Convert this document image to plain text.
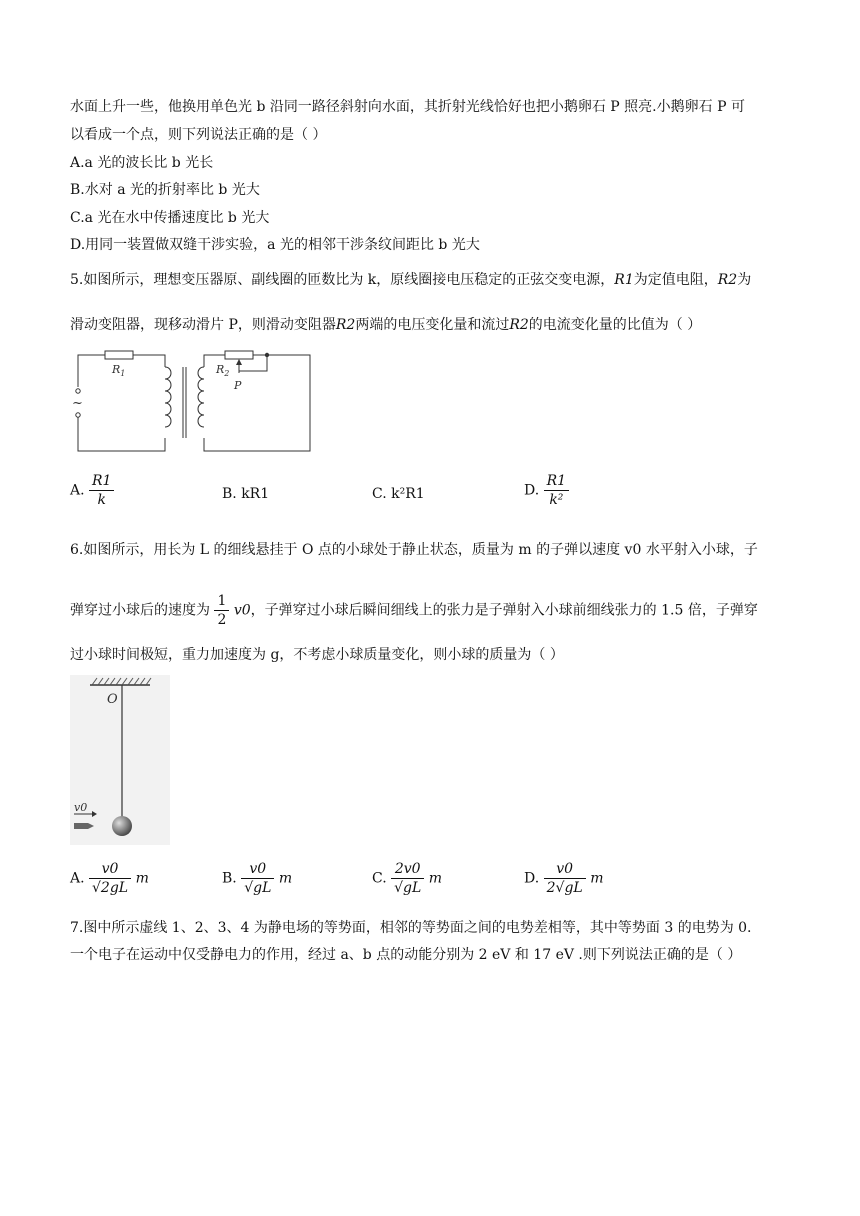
水面上升一些，他换用单色光 b 沿同一路径斜射向水面，其折射光线恰好也把小鹅卵石 P 照亮.小鹅卵石 P 可
以看成一个点，则下列说法正确的是（ ）
A.a 光的波长比 b 光长
B.水对 a 光的折射率比 b 光大
C.a 光在水中传播速度比 b 光大
D.用同一装置做双缝干涉实验，a 光的相邻干涉条纹间距比 b 光大
5.如图所示，理想变压器原、副线圈的匝数比为 k，原线圈接电压稳定的正弦交变电源，R1为定值电阻，R2为
滑动变阻器，现移动滑片 P，则滑动变阻器R2两端的电压变化量和流过R2的电流变化量的比值为（ ）
~
$R_1$	$R_2$
P
A. $\frac{R1}{k}$	B. kR1	C. k²R1	D. $\frac{R1}{\text{k²}}$
6.如图所示，用长为 L 的细线悬挂于 O 点的小球处于静止状态，质量为 m 的子弹以速度 v0 水平射入小球，子
弹穿过小球后的速度为 $\frac{1}{2} v0$，子弹穿过小球后瞬间细线上的张力是子弹射入小球前细线张力的 1.5 倍，子弹穿
过小球时间极短，重力加速度为 g，不考虑小球质量变化，则小球的质量为（ ）
O
v0
A. $\frac{v0}{√2gL}$ m	B. $\frac{v0}{√gL}$ m	C. $\frac{2v0}{√gL}$ m	D. $\frac{v0}{2√gL}$ m
7.图中所示虚线 1、2、3、4 为静电场的等势面，相邻的等势面之间的电势差相等，其中等势面 3 的电势为 0.
一个电子在运动中仅受静电力的作用，经过 a、b 点的动能分别为 2 eV 和 17 eV .则下列说法正确的是（ ）
